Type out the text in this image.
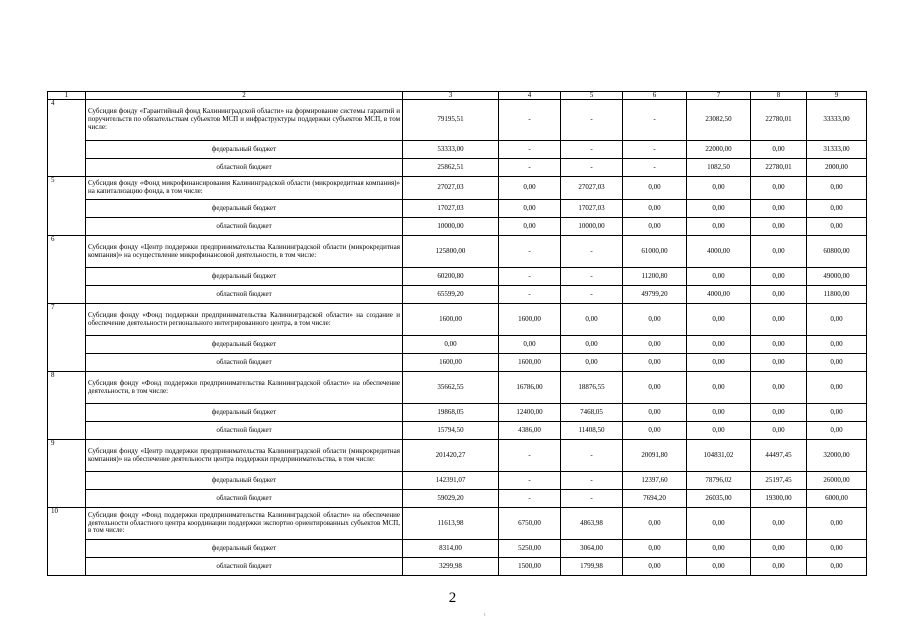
1	2	3	4	5	6	7	8	9
4	Субсидия фонду «Гарантийный фонд Калининградской области» на формирование системы гарантий и поручительств по обязательствам субъектов МСП и инфраструктуры поддержки субъектов МСП, в том числе:	79195,51	-	-	-	23082,50	22780,01	33333,00
	федеральный бюджет	53333,00	-	-	-	22000,00	0,00	31333,00
	областной бюджет	25862,51	-	-	-	1082,50	22780,01	2000,00
5	Субсидия фонду «Фонд микрофинансирования Калининградской области (микрокредитная компания)» на капитализацию фонда, в том числе:	27027,03	0,00	27027,03	0,00	0,00	0,00	0,00
	федеральный бюджет	17027,03	0,00	17027,03	0,00	0,00	0,00	0,00
	областной бюджет	10000,00	0,00	10000,00	0,00	0,00	0,00	0,00
6	Субсидия фонду «Центр поддержки предпринимательства Калининградской области (микрокредитная компания)» на осуществление микрофинансовой деятельности, в том числе:	125800,00	-	-	61000,00	4000,00	0,00	60800,00
	федеральный бюджет	60200,80	-	-	11200,80	0,00	0,00	49000,00
	областной бюджет	65599,20	-	-	49799,20	4000,00	0,00	11800,00
7	Субсидия фонду «Фонд поддержки предпринимательства Калининградской области» на создание и обеспечение деятельности регионального интегрированного центра, в том числе:	1600,00	1600,00	0,00	0,00	0,00	0,00	0,00
	федеральный бюджет	0,00	0,00	0,00	0,00	0,00	0,00	0,00
	областной бюджет	1600,00	1600,00	0,00	0,00	0,00	0,00	0,00
8	Субсидия фонду «Фонд поддержки предпринимательства Калининградской области» на обеспечение деятельности, в том числе:	35662,55	16786,00	18876,55	0,00	0,00	0,00	0,00
	федеральный бюджет	19868,05	12400,00	7468,05	0,00	0,00	0,00	0,00
	областной бюджет	15794,50	4386,00	11408,50	0,00	0,00	0,00	0,00
9	Субсидия фонду «Центр поддержки предпринимательства Калининградской области (микрокредитная компания)» на обеспечение деятельности центра поддержки предпринимательства, в том числе:	201420,27	-	-	20091,80	104831,02	44497,45	32000,00
	федеральный бюджет	142391,07	-	-	12397,60	78796,02	25197,45	26000,00
	областной бюджет	59029,20	-	-	7694,20	26035,00	19300,00	6000,00
10	Субсидия фонду «Фонд поддержки предпринимательства Калининградской области» на обеспечение деятельности областного центра координации поддержки экспортно ориентированных субъектов МСП, в том числе:	11613,98	6750,00	4863,98	0,00	0,00	0,00	0,00
	федеральный бюджет	8314,00	5250,00	3064,00	0,00	0,00	0,00	0,00
	областной бюджет	3299,98	1500,00	1799,98	0,00	0,00	0,00	0,00
2
ι
